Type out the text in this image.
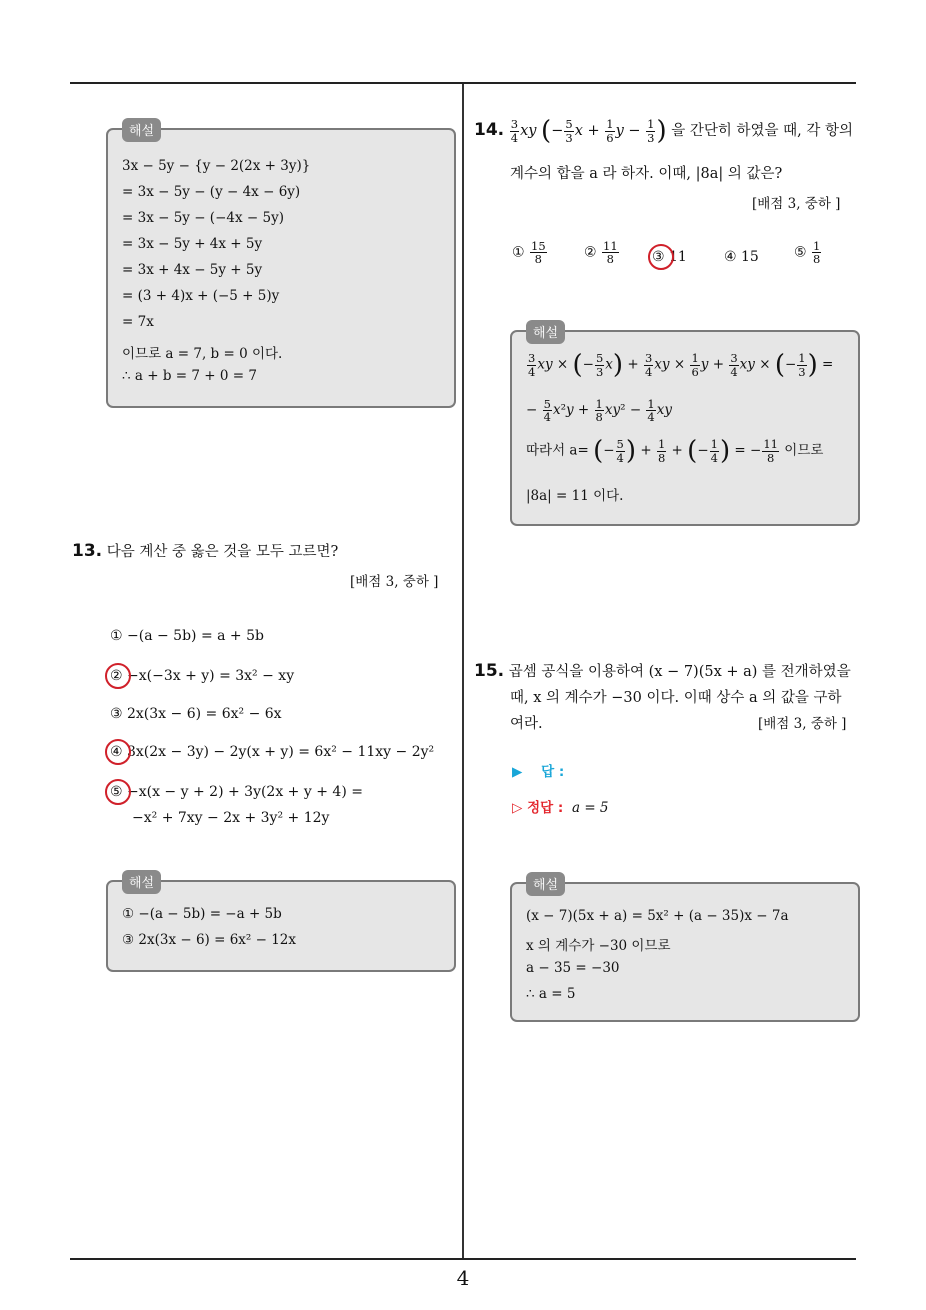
4
해설
3x − 5y − {y − 2(2x + 3y)}
= 3x − 5y − (y − 4x − 6y)
= 3x − 5y − (−4x − 5y)
= 3x − 5y + 4x + 5y
= 3x + 4x − 5y + 5y
= (3 + 4)x + (−5 + 5)y
= 7x
이므로 a = 7, b = 0 이다.
∴ a + b = 7 + 0 = 7
13. 다음 계산 중 옳은 것을 모두 고르면?
[배점 3, 중하 ]
① −(a − 5b) = a + 5b
② −x(−3x + y) = 3x² − xy
③ 2x(3x − 6) = 6x² − 6x
④ 3x(2x − 3y) − 2y(x + y) = 6x² − 11xy − 2y²
⑤ −x(x − y + 2) + 3y(2x + y + 4) =
−x² + 7xy − 2x + 3y² + 12y
해설
① −(a − 5b) = −a + 5b
③ 2x(3x − 6) = 6x² − 12x
14. $\frac{3}{4}$ xy (− $\frac{5}{3}$ $x + \frac{1}{6}$ $y - \frac{1}{3}$ ) 을 간단히 하였을 때, 각 항의
계수의 합을 a 라 하자. 이때, |8a| 의 값은?
[배점 3, 중하 ]
① $\frac{15}{8}$	② $\frac{11}{8}$ ③ 11	④ 15	⑤ $\frac{1}{8}$
해설
$\frac{3}{4}$ xy × (− $\frac{5}{3} x) + \frac{3}{4}$ xy × $\frac{1}{6}$ $y + \frac{3}{4}$ xy × (− $\frac{1}{3}$ ) =
− $\frac{5}{4} x^2y + \frac{1}{8} xy^2 - \frac{1}{4}$ xy
따라서 a= (− $\frac{5}{4}$ ) + $\frac{1}{8}$ + (− $\frac{1}{4}$ ) = − $\frac{11}{8}$ 이므로
|8a| = 11 이다.
15. 곱셈 공식을 이용하여 (x − 7)(5x + a) 를 전개하였을
때, x 의 계수가 −30 이다. 이때 상수 a 의 값을 구하
여라.	[배점 3, 중하 ]
▶ 답 :
▷ 정답 : a = 5
해설
(x − 7)(5x + a) = 5x² + (a − 35)x − 7a
x 의 계수가 −30 이므로
a − 35 = −30
∴ a = 5
